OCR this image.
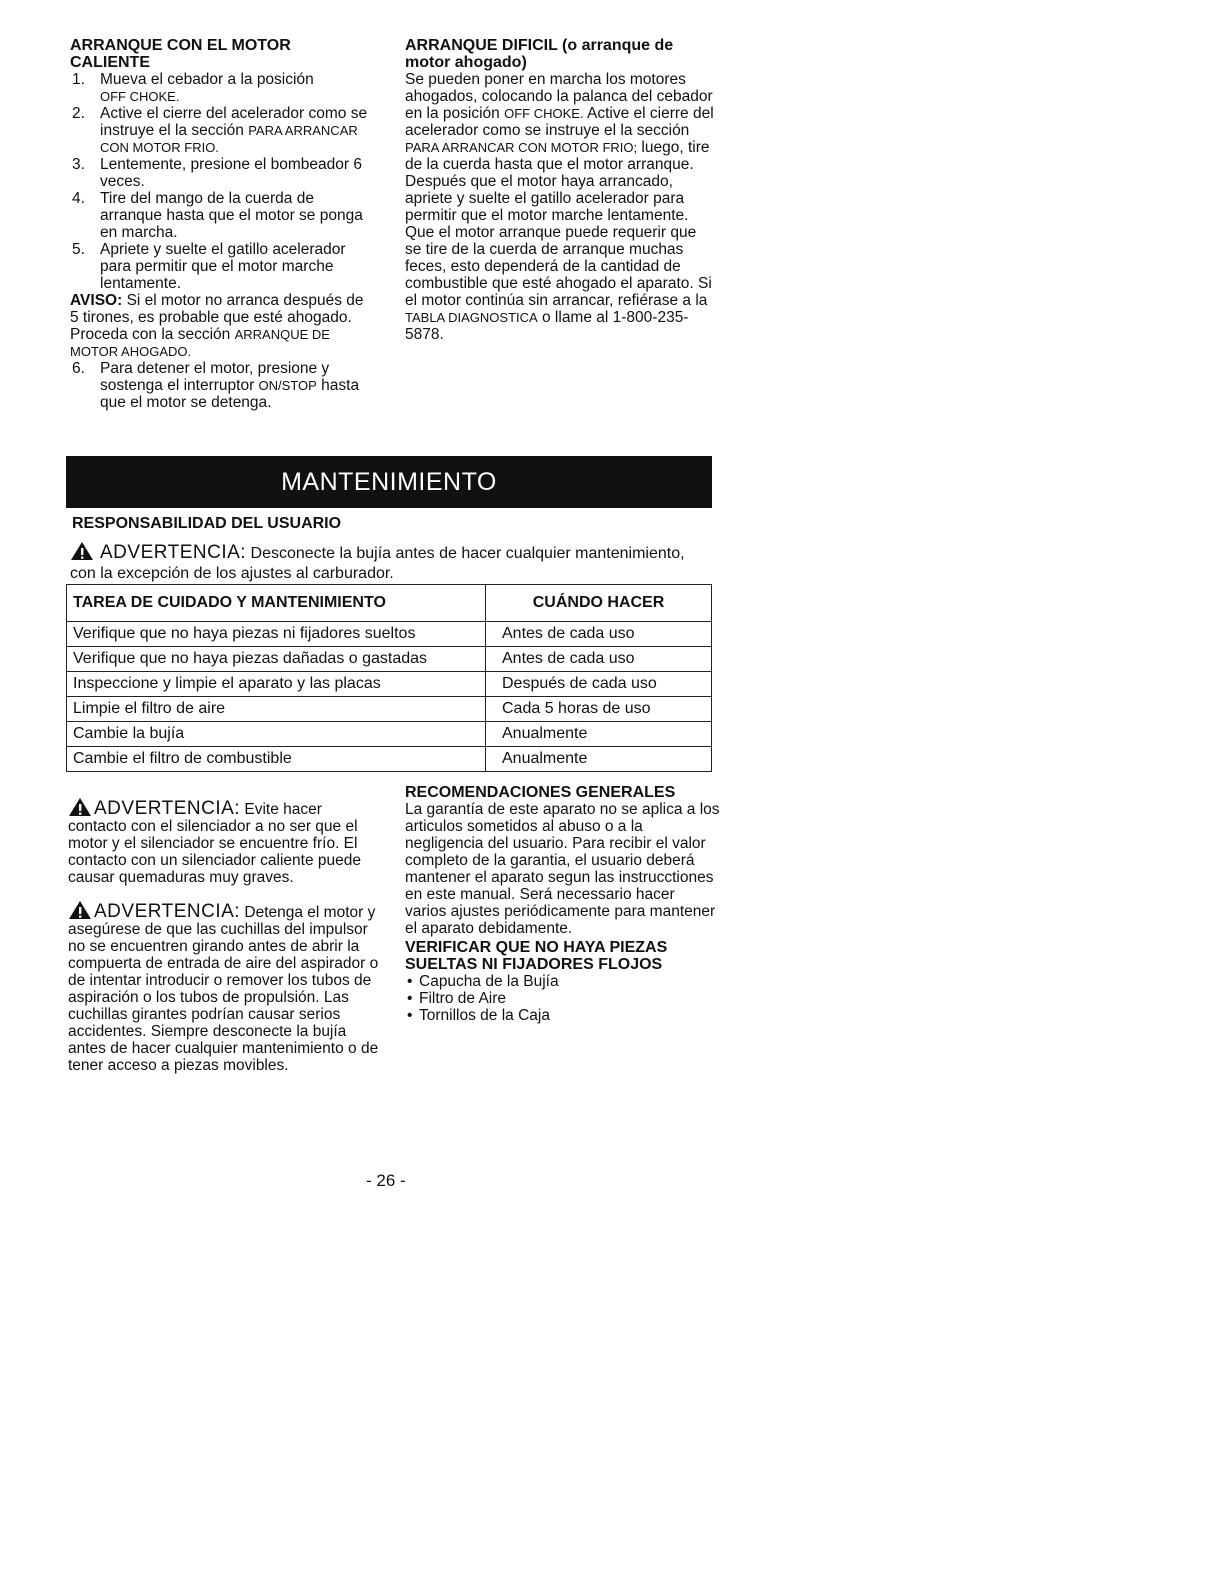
ARRANQUE CON EL MOTOR CALIENTE

1. Mueva el cebador a la posición
OFF CHOKE.
2. Active el cierre del acelerador como se instruye el la sección PARA ARRANCAR CON MOTOR FRIO.
3. Lentemente, presione el bombeador 6 veces.
4. Tire del mango de la cuerda de arranque hasta que el motor se ponga en marcha.
5. Apriete y suelte el gatillo acelerador para permitir que el motor marche lentamente.

AVISO: Si el motor no arranca después de 5 tirones, es probable que esté ahogado. Proceda con la sección ARRANQUE DE MOTOR AHOGADO.

6. Para detener el motor, presione y sostenga el interruptor ON/STOP hasta que el motor se detenga.

ARRANQUE DIFICIL (o arranque de motor ahogado)

Se pueden poner en marcha los motores ahogados, colocando la palanca del cebador en la posición OFF CHOKE. Active el cierre del acelerador como se instruye el la sección PARA ARRANCAR CON MOTOR FRIO; luego, tire de la cuerda hasta que el motor arranque. Después que el motor haya arrancado, apriete y suelte el gatillo acelerador para permitir que el motor marche lentamente. Que el motor arranque puede requerir que se tire de la cuerda de arranque muchas feces, esto dependerá de la cantidad de combustible que esté ahogado el aparato. Si el motor continúa sin arrancar, refiérase a la TABLA DIAGNOSTICA o llame al 1-800-235-5878.

MANTENIMIENTO
RESPONSABILIDAD DEL USUARIO
ADVERTENCIA: Desconecte la bujía antes de hacer cualquier mantenimiento, con la excepción de los ajustes al carburador.
TAREA DE CUIDADO Y MANTENIMIENTO	CUÁNDO HACER
Verifique que no haya piezas ni fijadores sueltos	Antes de cada uso
Verifique que no haya piezas dañadas o gastadas	Antes de cada uso
Inspeccione y limpie el aparato y las placas	Después de cada uso
Limpie el filtro de aire	Cada 5 horas de uso
Cambie la bujía	Anualmente
Cambie el filtro de combustible	Anualmente

ADVERTENCIA: Evite hacer contacto con el silenciador a no ser que el motor y el silenciador se encuentre frío. El contacto con un silenciador caliente puede causar quemaduras muy graves.

ADVERTENCIA: Detenga el motor y asegúrese de que las cuchillas del impulsor no se encuentren girando antes de abrir la compuerta de entrada de aire del aspirador o de intentar introducir o remover los tubos de aspiración o los tubos de propulsión. Las cuchillas girantes podrían causar serios accidentes. Siempre desconecte la bujía antes de hacer cualquier mantenimiento o de tener acceso a piezas movibles.

RECOMENDACIONES GENERALES

La garantía de este aparato no se aplica a los articulos sometidos al abuso o a la negligencia del usuario. Para recibir el valor completo de la garantia, el usuario deberá mantener el aparato segun las instrucctiones en este manual. Será necessario hacer varios ajustes periódicamente para mantener el aparato debidamente.

VERIFICAR QUE NO HAYA PIEZAS SUELTAS NI FIJADORES FLOJOS

• Capucha de la Bujía
• Filtro de Aire
• Tornillos de la Caja
- 26 -
